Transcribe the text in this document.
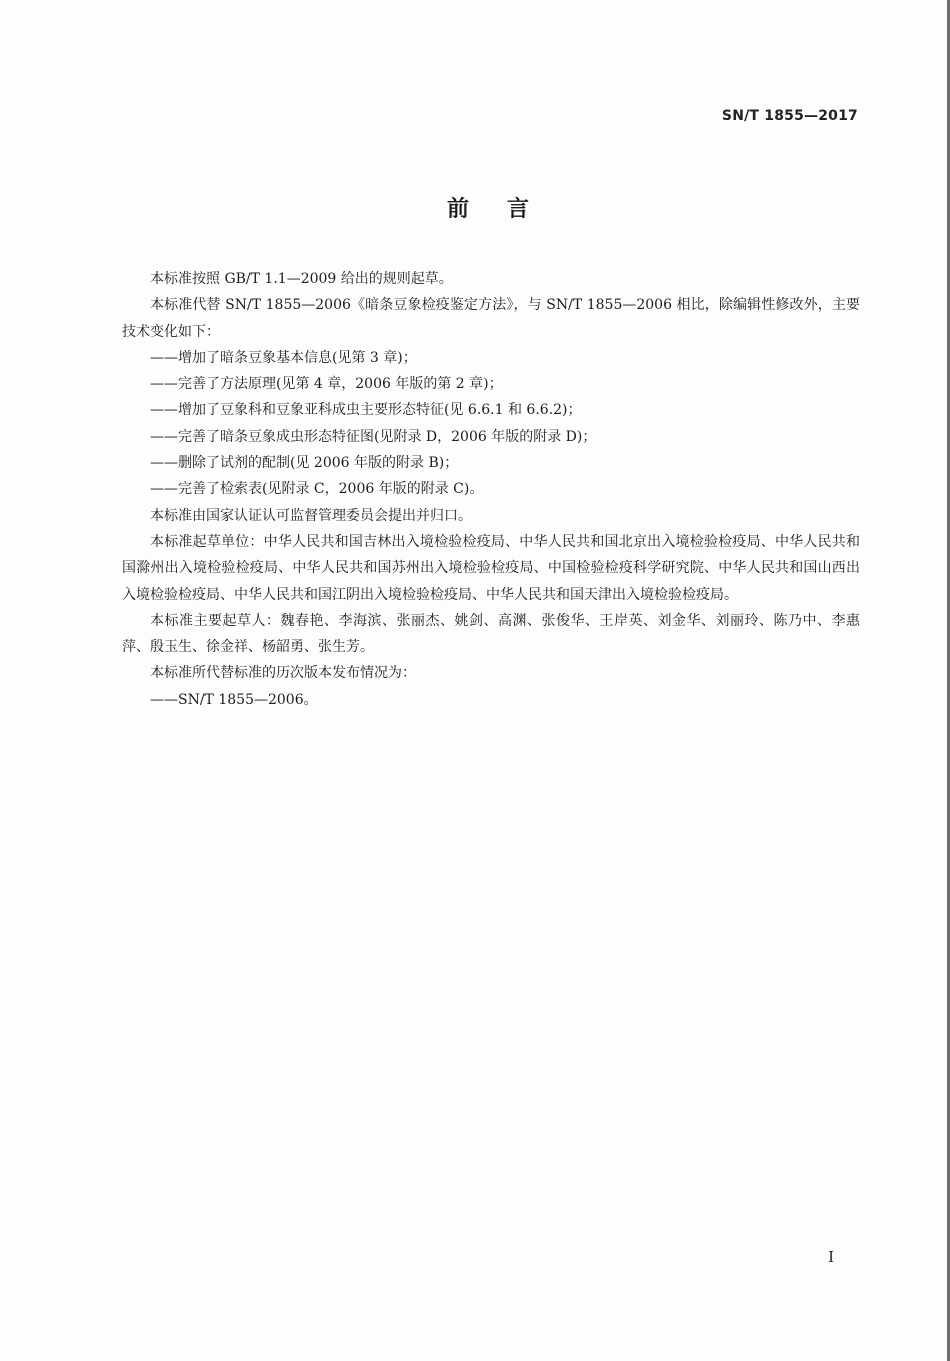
SN/T 1855—2017
前 言

本标准按照 GB/T 1.1—2009 给出的规则起草。

本标准代替 SN/T 1855—2006《暗条豆象检疫鉴定方法》，与 SN/T 1855—2006 相比，除编辑性修改外，主要技术变化如下：

——增加了暗条豆象基本信息(见第 3 章)；

——完善了方法原理(见第 4 章，2006 年版的第 2 章)；

——增加了豆象科和豆象亚科成虫主要形态特征(见 6.6.1 和 6.6.2)；

——完善了暗条豆象成虫形态特征图(见附录 D，2006 年版的附录 D)；

——删除了试剂的配制(见 2006 年版的附录 B)；

——完善了检索表(见附录 C，2006 年版的附录 C)。

本标准由国家认证认可监督管理委员会提出并归口。

本标准起草单位：中华人民共和国吉林出入境检验检疫局、中华人民共和国北京出入境检验检疫局、中华人民共和国滁州出入境检验检疫局、中华人民共和国苏州出入境检验检疫局、中国检验检疫科学研究院、中华人民共和国山西出入境检验检疫局、中华人民共和国江阴出入境检验检疫局、中华人民共和国天津出入境检验检疫局。

本标准主要起草人：魏春艳、李海滨、张丽杰、姚剑、高渊、张俊华、王岸英、刘金华、刘丽玲、陈乃中、李惠萍、殷玉生、徐金祥、杨韶勇、张生芳。

本标准所代替标准的历次版本发布情况为：

——SN/T 1855—2006。

I
